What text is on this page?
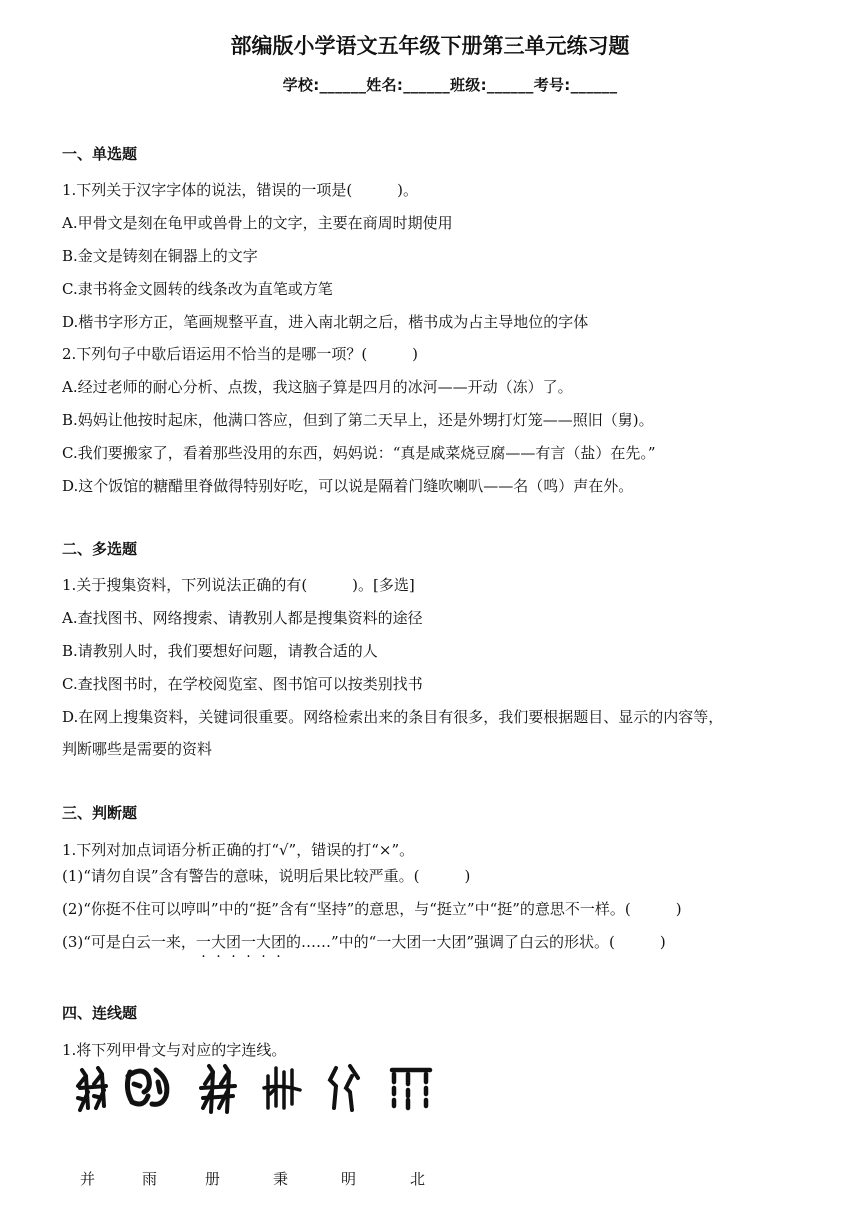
部编版小学语文五年级下册第三单元练习题
学校:______姓名:______班级:______考号:______
一、单选题
1.下列关于汉字字体的说法，错误的一项是(　　　)。
A.甲骨文是刻在龟甲或兽骨上的文字，主要在商周时期使用
B.金文是铸刻在铜器上的文字
C.隶书将金文圆转的线条改为直笔或方笔
D.楷书字形方正，笔画规整平直，进入南北朝之后，楷书成为占主导地位的字体
2.下列句子中歇后语运用不恰当的是哪一项？(　　　)
A.经过老师的耐心分析、点拨，我这脑子算是四月的冰河——开动（冻）了。
B.妈妈让他按时起床，他满口答应，但到了第二天早上，还是外甥打灯笼——照旧（舅)。
C.我们要搬家了，看着那些没用的东西，妈妈说：“真是咸菜烧豆腐——有言（盐）在先。”
D.这个饭馆的糖醋里脊做得特别好吃，可以说是隔着门缝吹喇叭——名（鸣）声在外。
二、多选题
1.关于搜集资料，下列说法正确的有(　　　)。[多选]
A.查找图书、网络搜索、请教别人都是搜集资料的途径
B.请教别人时，我们要想好问题，请教合适的人
C.查找图书时，在学校阅览室、图书馆可以按类别找书
D.在网上搜集资料，关键词很重要。网络检索出来的条目有很多，我们要根据题目、显示的内容等，
判断哪些是需要的资料
三、判断题
1.下列对加点词语分析正确的打“√”，错误的打“×”。
(1)“请勿自误”含有警告的意味，说明后果比较严重。(　　　)
(2)“你挺不住可以哼叫”中的“挺”含有“坚持”的意思，与“挺立”中“挺”的意思不一样。(　　　)
(3)“可是白云一来，一大团一大团的……”中的“一大团一大团”强调了白云的形状。(　　　)
四、连线题
1.将下列甲骨文与对应的字连线。
并	雨	册	秉	明	北
